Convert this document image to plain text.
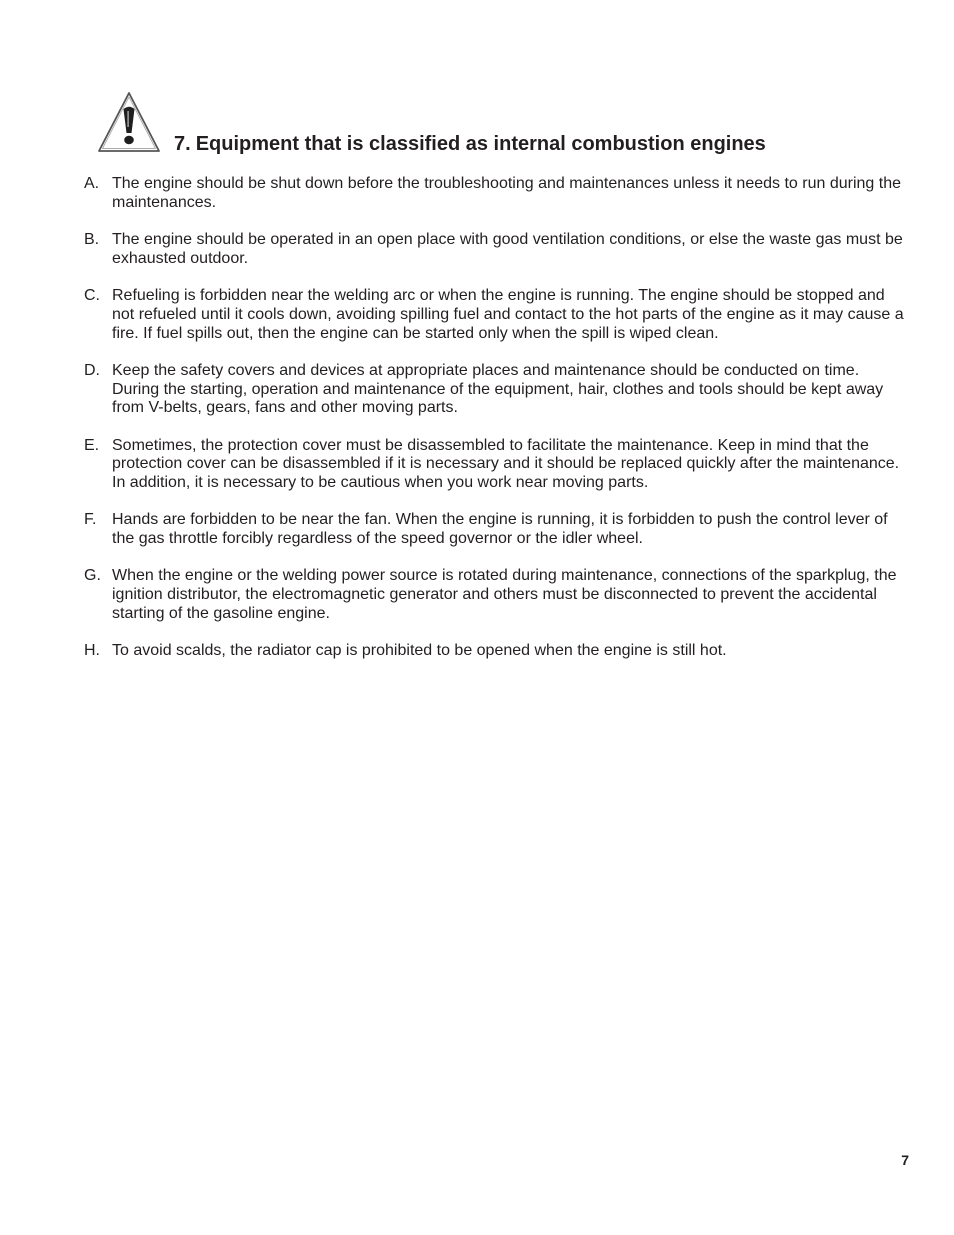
7. Equipment that is classified as internal combustion engines
A. The engine should be shut down before the troubleshooting and maintenances unless it needs to run during the maintenances.
B. The engine should be operated in an open place with good ventilation conditions, or else the waste gas must be exhausted outdoor.
C. Refueling is forbidden near the welding arc or when the engine is running. The engine should be stopped and not refueled until it cools down, avoiding spilling fuel and contact to the hot parts of the engine as it may cause a fire. If fuel spills out, then the engine can be started only when the spill is wiped clean.
D. Keep the safety covers and devices at appropriate places and maintenance should be conducted on time. During the starting, operation and maintenance of the equipment, hair, clothes and tools should be kept away from V-belts, gears, fans and other moving parts.
E. Sometimes, the protection cover must be disassembled to facilitate the maintenance. Keep in mind that the protection cover can be disassembled if it is necessary and it should be replaced quickly after the maintenance. In addition, it is necessary to be cautious when you work near moving parts.
F. Hands are forbidden to be near the fan. When the engine is running, it is forbidden to push the control lever of the gas throttle forcibly regardless of the speed governor or the idler wheel.
G. When the engine or the welding power source is rotated during maintenance, connections of the sparkplug, the ignition distributor, the electromagnetic generator and others must be disconnected to prevent the accidental starting of the gasoline engine.
H. To avoid scalds, the radiator cap is prohibited to be opened when the engine is still hot.
7
